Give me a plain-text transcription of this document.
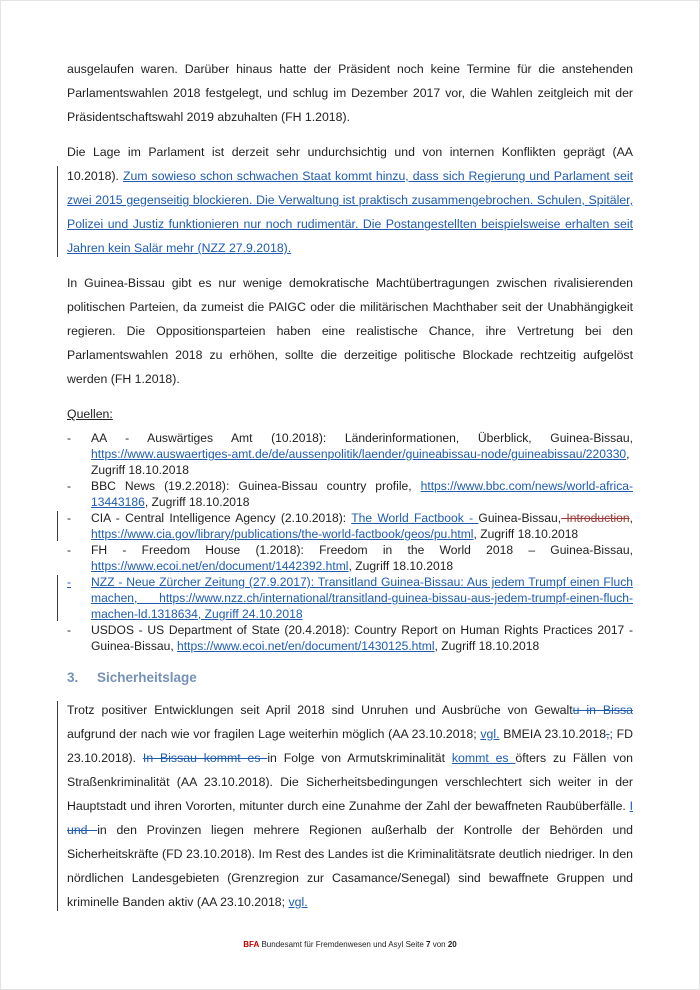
ausgelaufen waren. Darüber hinaus hatte der Präsident noch keine Termine für die anstehenden Parlamentswahlen 2018 festgelegt, und schlug im Dezember 2017 vor, die Wahlen zeitgleich mit der Präsidentschaftswahl 2019 abzuhalten (FH 1.2018).

Die Lage im Parlament ist derzeit sehr undurchsichtig und von internen Konflikten geprägt (AA 10.2018). Zum sowieso schon schwachen Staat kommt hinzu, dass sich Regierung und Parlament seit zwei 2015 gegenseitig blockieren. Die Verwaltung ist praktisch zusammengebrochen. Schulen, Spitäler, Polizei und Justiz funktionieren nur noch rudimentär. Die Postangestellten beispielsweise erhalten seit Jahren kein Salär mehr (NZZ 27.9.2018).

In Guinea-Bissau gibt es nur wenige demokratische Machtübertragungen zwischen rivalisierenden politischen Parteien, da zumeist die PAIGC oder die militärischen Machthaber seit der Unabhängigkeit regieren. Die Oppositionsparteien haben eine realistische Chance, ihre Vertretung bei den Parlamentswahlen 2018 zu erhöhen, sollte die derzeitige politische Blockade rechtzeitig aufgelöst werden (FH 1.2018).

Quellen:
- AA - Auswärtiges Amt (10.2018): Länderinformationen, Überblick, Guinea-Bissau, https://www.auswaertiges-amt.de/de/aussenpolitik/laender/guineabissau-node/guineabissau/220330, Zugriff 18.10.2018
- BBC News (19.2.2018): Guinea-Bissau country profile, https://www.bbc.com/news/world-africa-13443186, Zugriff 18.10.2018
- CIA - Central Intelligence Agency (2.10.2018): The World Factbook - Guinea-Bissau, Introduction, https://www.cia.gov/library/publications/the-world-factbook/geos/pu.html, Zugriff 18.10.2018
- FH - Freedom House (1.2018): Freedom in the World 2018 – Guinea-Bissau, https://www.ecoi.net/en/document/1442392.html, Zugriff 18.10.2018
- NZZ - Neue Zürcher Zeitung (27.9.2017): Transitland Guinea-Bissau: Aus jedem Trumpf einen Fluch machen, https://www.nzz.ch/international/transitland-guinea-bissau-aus-jedem-trumpf-einen-fluch-machen-ld.1318634, Zugriff 24.10.2018
- USDOS - US Department of State (20.4.2018): Country Report on Human Rights Practices 2017 - Guinea-Bissau, https://www.ecoi.net/en/document/1430125.html, Zugriff 18.10.2018
3. Sicherheitslage

Trotz positiver Entwicklungen seit April 2018 sind Unruhen und Ausbrüche von Gewaltu in Bissa aufgrund der nach wie vor fragilen Lage weiterhin möglich (AA 23.10.2018; vgl. BMEIA 23.10.2018,; FD 23.10.2018). In Bissau kommt es in Folge von Armutskriminalität kommt es öfters zu Fällen von Straßenkriminalität (AA 23.10.2018). Die Sicherheitsbedingungen verschlechtert sich weiter in der Hauptstadt und ihren Vororten, mitunter durch eine Zunahme der Zahl der bewaffneten Raubüberfälle. I und in den Provinzen liegen mehrere Regionen außerhalb der Kontrolle der Behörden und Sicherheitskräfte (FD 23.10.2018). Im Rest des Landes ist die Kriminalitätsrate deutlich niedriger. In den nördlichen Landesgebieten (Grenzregion zur Casamance/Senegal) sind bewaffnete Gruppen und kriminelle Banden aktiv (AA 23.10.2018; vgl.

BFA Bundesamt für Fremdenwesen und Asyl Seite 7 von 20
